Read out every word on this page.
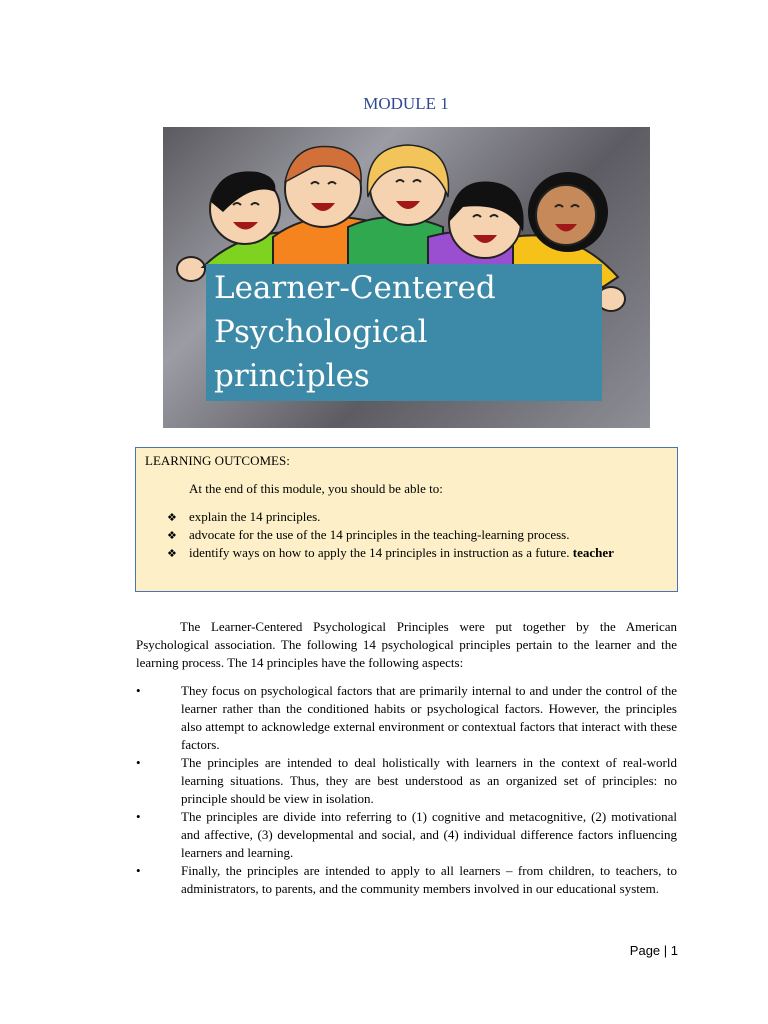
MODULE 1
Learner-Centered
Psychological
principles
LEARNING OUTCOMES:
At the end of this module, you should be able to:
❖ explain the 14 principles.
❖ advocate for the use of the 14 principles in the teaching-learning process.
❖ identify ways on how to apply the 14 principles in instruction as a future. teacher

The Learner-Centered Psychological Principles were put together by the American Psychological association. The following 14 psychological principles pertain to the learner and the learning process. The 14 principles have the following aspects:

•	They focus on psychological factors that are primarily internal to and under the control of the learner rather than the conditioned habits or psychological factors. However, the principles also attempt to acknowledge external environment or contextual factors that interact with these factors.
•	The principles are intended to deal holistically with learners in the context of real-world learning situations. Thus, they are best understood as an organized set of principles: no principle should be view in isolation.
•	The principles are divide into referring to (1) cognitive and metacognitive, (2) motivational and affective, (3) developmental and social, and (4) individual difference factors influencing learners and learning.
•	Finally, the principles are intended to apply to all learners – from children, to teachers, to administrators, to parents, and the community members involved in our educational system.
Page | 1
